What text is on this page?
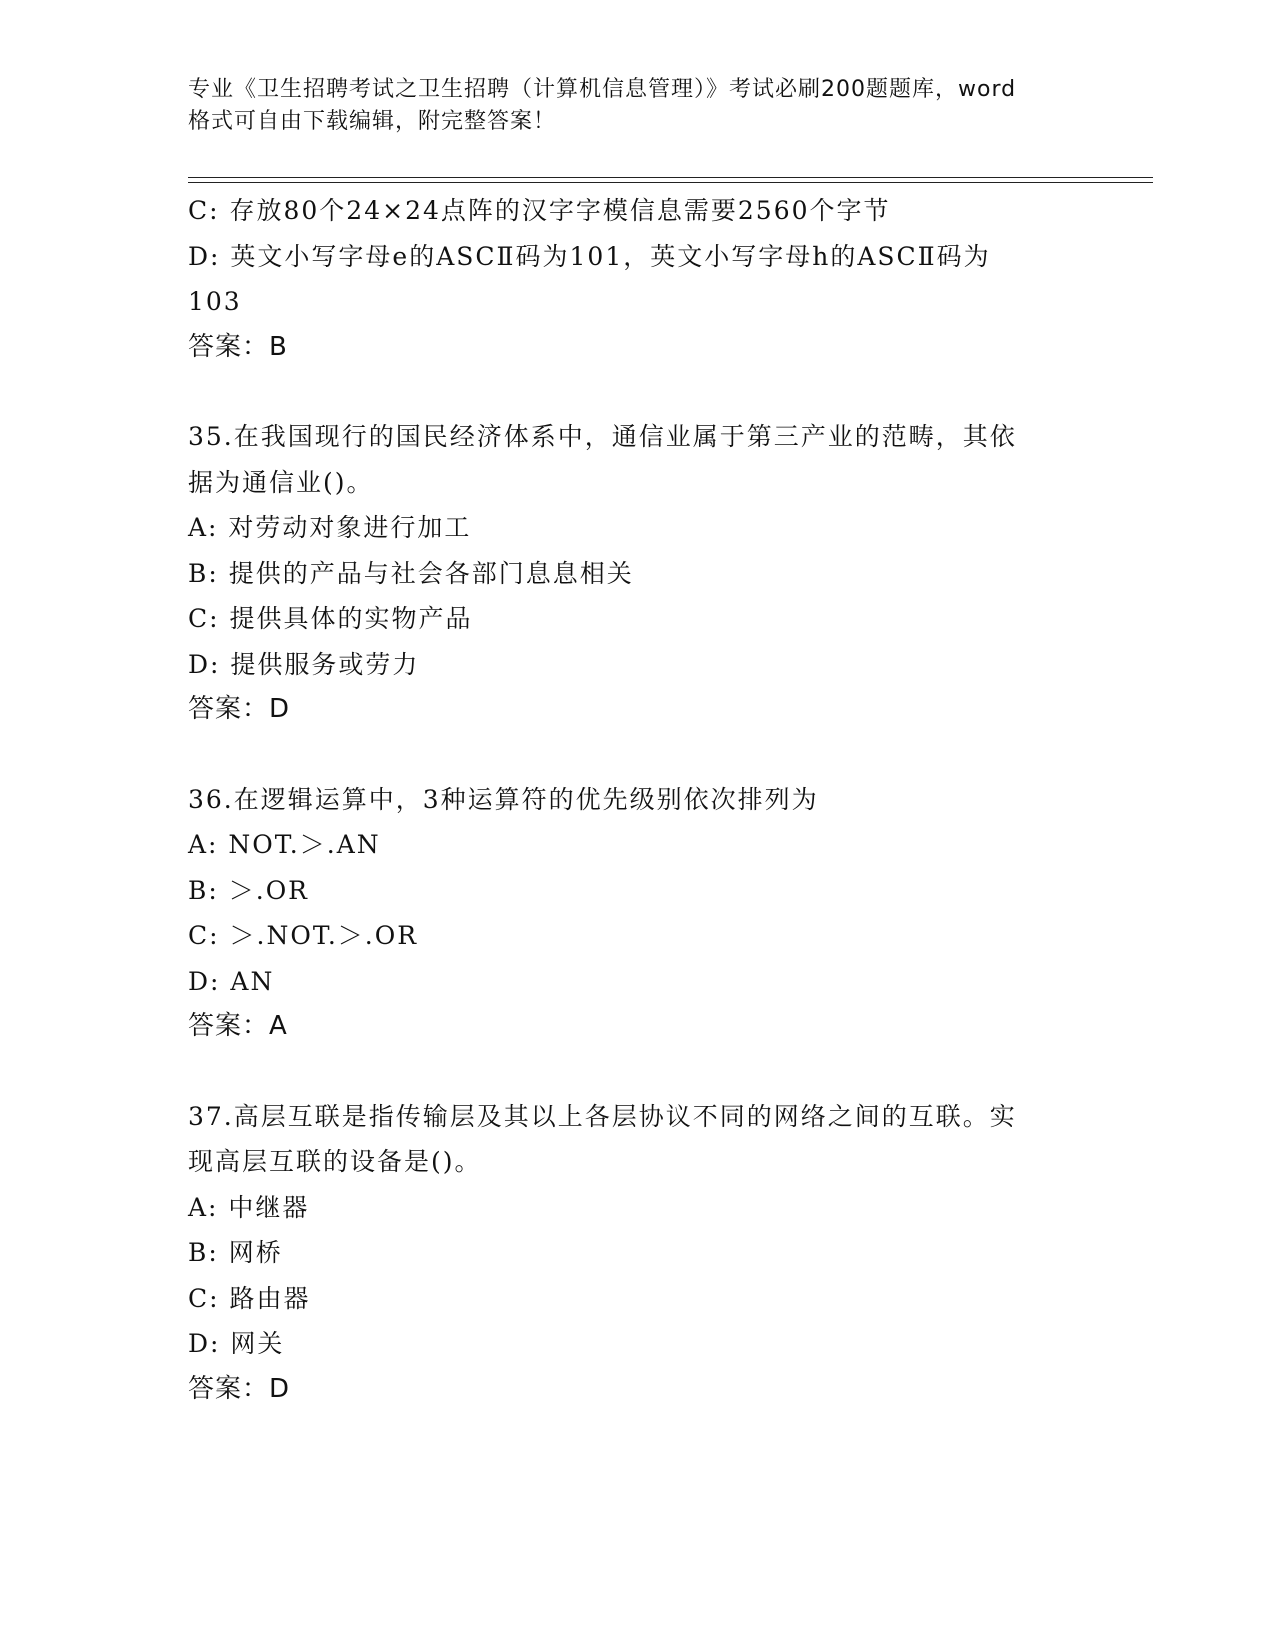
专业《卫生招聘考试之卫生招聘（计算机信息管理）》考试必刷200题题库，word
格式可自由下载编辑，附完整答案！
C: 存放80个24×24点阵的汉字字模信息需要2560个字节
D: 英文小写字母e的ASCⅡ码为101，英文小写字母h的ASCⅡ码为
103
答案：B
35.在我国现行的国民经济体系中，通信业属于第三产业的范畴，其依
据为通信业()。
A: 对劳动对象进行加工
B: 提供的产品与社会各部门息息相关
C: 提供具体的实物产品
D: 提供服务或劳力
答案：D
36.在逻辑运算中，3种运算符的优先级别依次排列为
A: NOT.＞.AN
B: ＞.OR
C: ＞.NOT.＞.OR
D: AN
答案：A
37.高层互联是指传输层及其以上各层协议不同的网络之间的互联。实
现高层互联的设备是()。
A: 中继器
B: 网桥
C: 路由器
D: 网关
答案：D
